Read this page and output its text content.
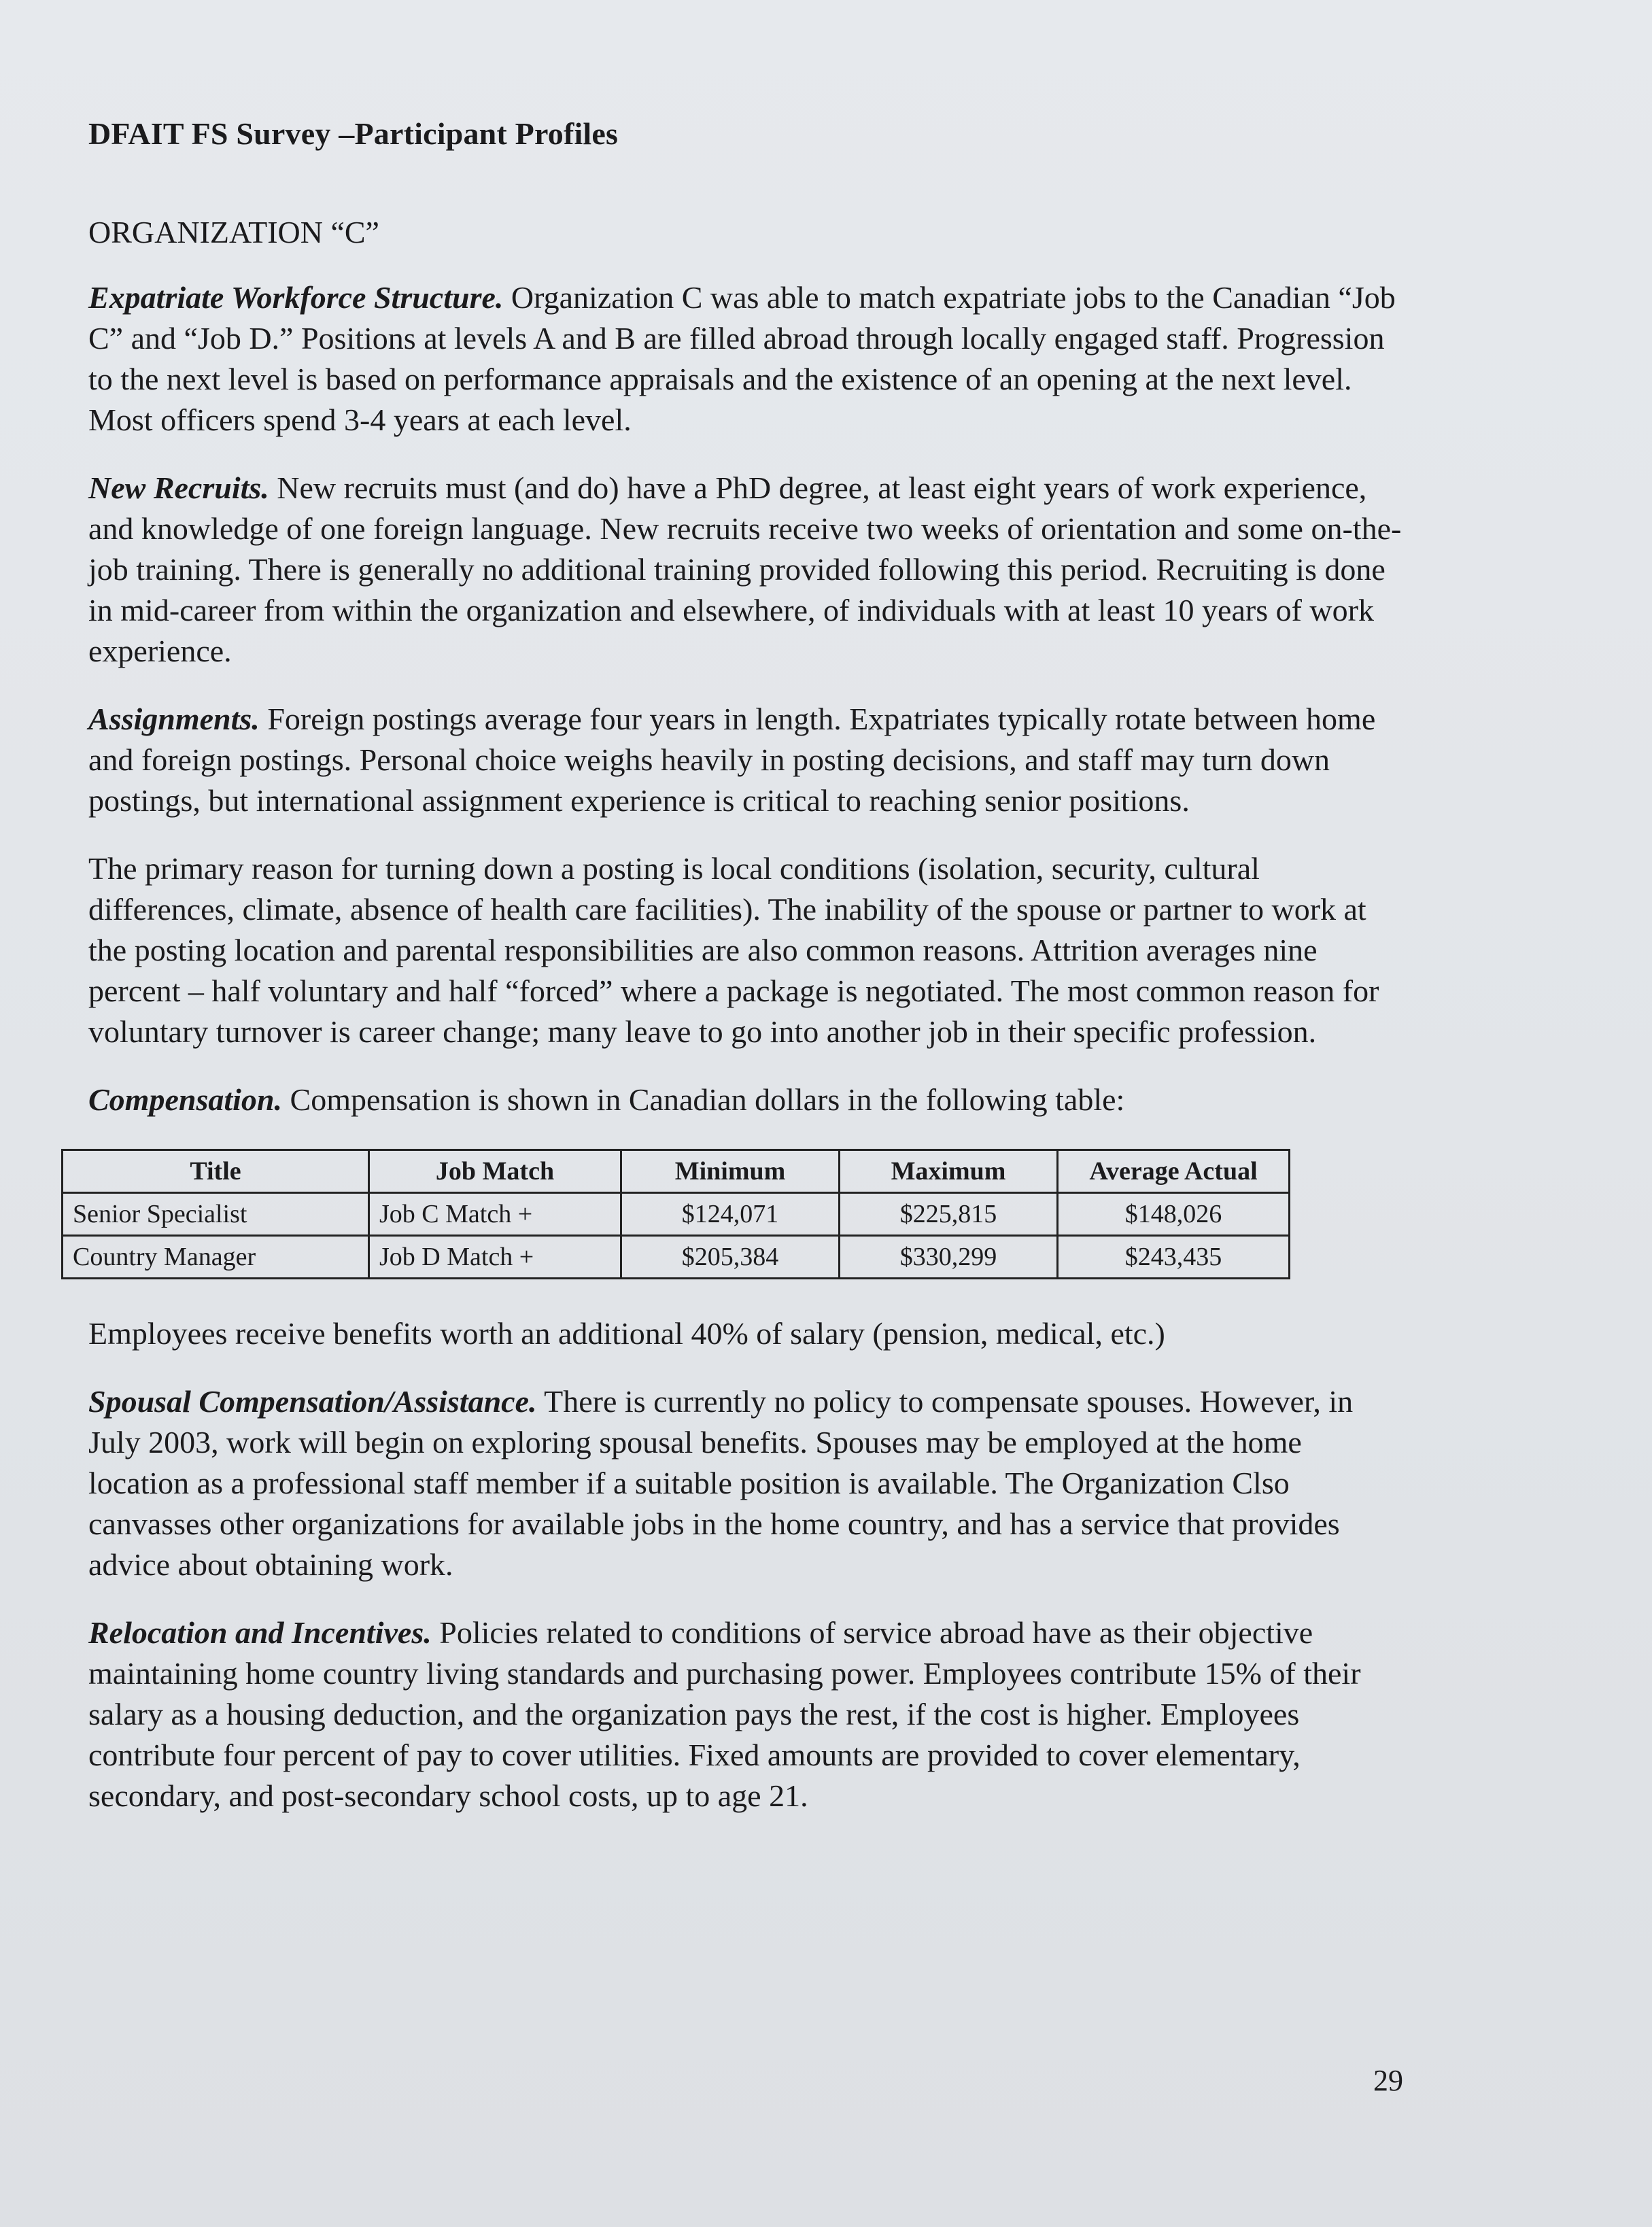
DFAIT FS Survey –Participant Profiles
ORGANIZATION “C”

Expatriate Workforce Structure. Organization C was able to match expatriate jobs to the Canadian “Job C” and “Job D.” Positions at levels A and B are filled abroad through locally engaged staff. Progression to the next level is based on performance appraisals and the existence of an opening at the next level. Most officers spend 3-4 years at each level.

New Recruits. New recruits must (and do) have a PhD degree, at least eight years of work experience, and knowledge of one foreign language. New recruits receive two weeks of orientation and some on-the-job training. There is generally no additional training provided following this period. Recruiting is done in mid-career from within the organization and elsewhere, of individuals with at least 10 years of work experience.

Assignments. Foreign postings average four years in length. Expatriates typically rotate between home and foreign postings. Personal choice weighs heavily in posting decisions, and staff may turn down postings, but international assignment experience is critical to reaching senior positions.

The primary reason for turning down a posting is local conditions (isolation, security, cultural differences, climate, absence of health care facilities). The inability of the spouse or partner to work at the posting location and parental responsibilities are also common reasons. Attrition averages nine percent – half voluntary and half “forced” where a package is negotiated. The most common reason for voluntary turnover is career change; many leave to go into another job in their specific profession.

Compensation. Compensation is shown in Canadian dollars in the following table:

Title	Job Match	Minimum	Maximum	Average Actual
Senior Specialist	Job C Match +	$124,071	$225,815	$148,026
Country Manager	Job D Match +	$205,384	$330,299	$243,435

Employees receive benefits worth an additional 40% of salary (pension, medical, etc.)

Spousal Compensation/Assistance. There is currently no policy to compensate spouses. However, in July 2003, work will begin on exploring spousal benefits. Spouses may be employed at the home location as a professional staff member if a suitable position is available. The Organization Clso canvasses other organizations for available jobs in the home country, and has a service that provides advice about obtaining work.

Relocation and Incentives. Policies related to conditions of service abroad have as their objective maintaining home country living standards and purchasing power. Employees contribute 15% of their salary as a housing deduction, and the organization pays the rest, if the cost is higher. Employees contribute four percent of pay to cover utilities. Fixed amounts are provided to cover elementary, secondary, and post-secondary school costs, up to age 21.

29
